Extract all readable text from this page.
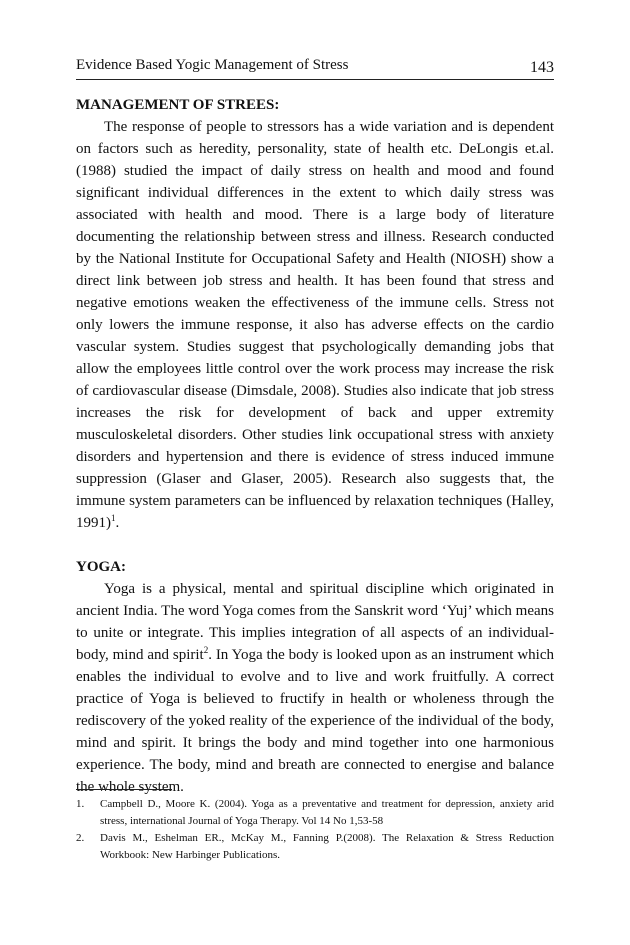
Evidence Based Yogic Management of Stress	143
MANAGEMENT OF STREES:

The response of people to stressors has a wide variation and is dependent on factors such as heredity, personality, state of health etc. DeLongis et.al.(1988) studied the impact of daily stress on health and mood and found significant individual differences in the extent to which daily stress was associated with health and mood. There is a large body of literature documenting the relationship between stress and illness. Research conducted by the National Institute for Occupational Safety and Health (NIOSH) show a direct link between job stress and health. It has been found that stress and negative emotions weaken the effectiveness of the immune cells. Stress not only lowers the immune response, it also has adverse effects on the cardio vascular system. Studies suggest that psychologically demanding jobs that allow the employees little control over the work process may increase the risk of cardiovascular disease (Dimsdale, 2008). Studies also indicate that job stress increases the risk for development of back and upper extremity musculoskeletal disorders. Other studies link occupational stress with anxiety disorders and hypertension and there is evidence of stress induced immune suppression (Glaser and Glaser, 2005). Research also suggests that, the immune system parameters can be influenced by relaxation techniques (Halley, 1991)$^1$.

YOGA:

Yoga is a physical, mental and spiritual discipline which originated in ancient India. The word Yoga comes from the Sanskrit word ‘Yuj’ which means to unite or integrate. This implies integration of all aspects of an individual-body, mind and spirit$^2$. In Yoga the body is looked upon as an instrument which enables the individual to evolve and to live and work fruitfully. A correct practice of Yoga is believed to fructify in health or wholeness through the rediscovery of the yoked reality of the experience of the individual of the body, mind and spirit. It brings the body and mind together into one harmonious experience. The body, mind and breath are connected to energise and balance the whole system.

1.	Campbell D., Moore K. (2004). Yoga as a preventative and treatment for depression, anxiety arid stress, international Journal of Yoga Therapy. Vol 14 No 1,53-58
2.	Davis M., Eshelman ER., McKay M., Fanning P.(2008). The Relaxation & Stress Reduction Workbook: New Harbinger Publications.
